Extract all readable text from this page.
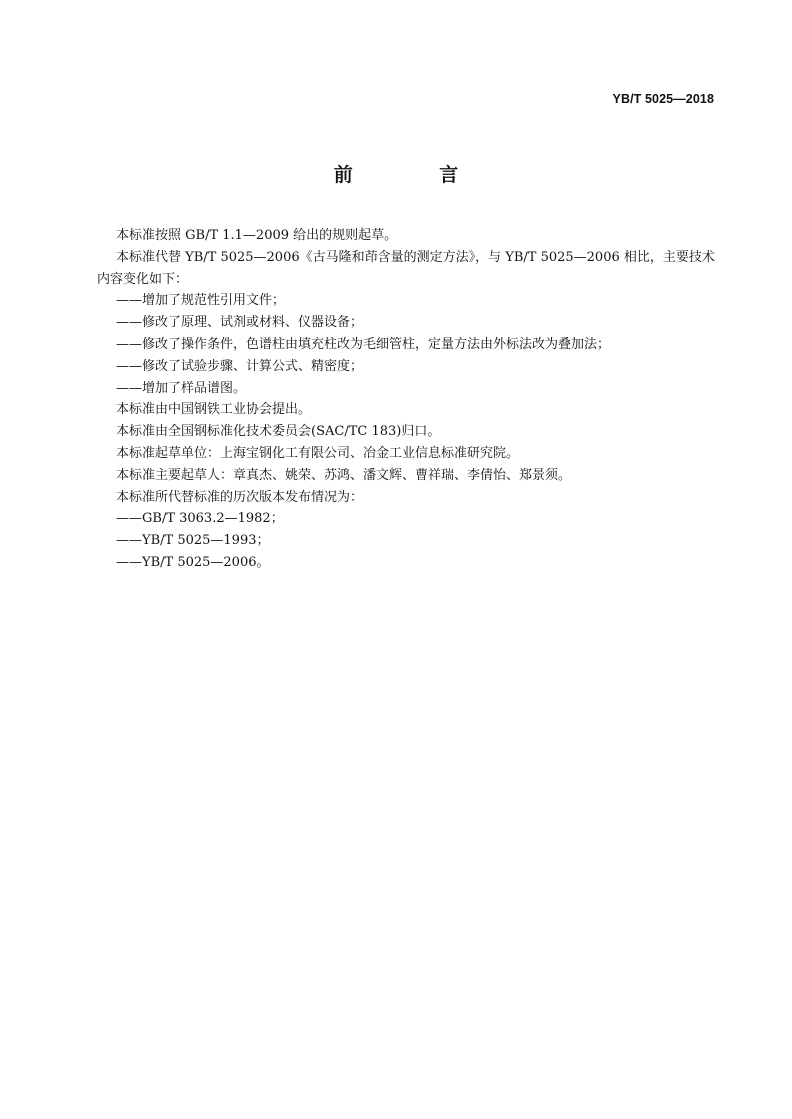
YB/T 5025—2018
前 言

本标准按照 GB/T 1.1—2009 给出的规则起草。

本标准代替 YB/T 5025—2006《古马隆和茚含量的测定方法》，与 YB/T 5025—2006 相比，主要技术内容变化如下：

——增加了规范性引用文件；

——修改了原理、试剂或材料、仪器设备；

——修改了操作条件，色谱柱由填充柱改为毛细管柱，定量方法由外标法改为叠加法；

——修改了试验步骤、计算公式、精密度；

——增加了样品谱图。

本标准由中国钢铁工业协会提出。

本标准由全国钢标准化技术委员会(SAC/TC 183)归口。

本标准起草单位：上海宝钢化工有限公司、冶金工业信息标准研究院。

本标准主要起草人：章真杰、姚荣、苏鸿、潘文辉、曹祥瑞、李倩怡、郑景须。

本标准所代替标准的历次版本发布情况为：

——GB/T 3063.2—1982；

——YB/T 5025—1993；

——YB/T 5025—2006。
